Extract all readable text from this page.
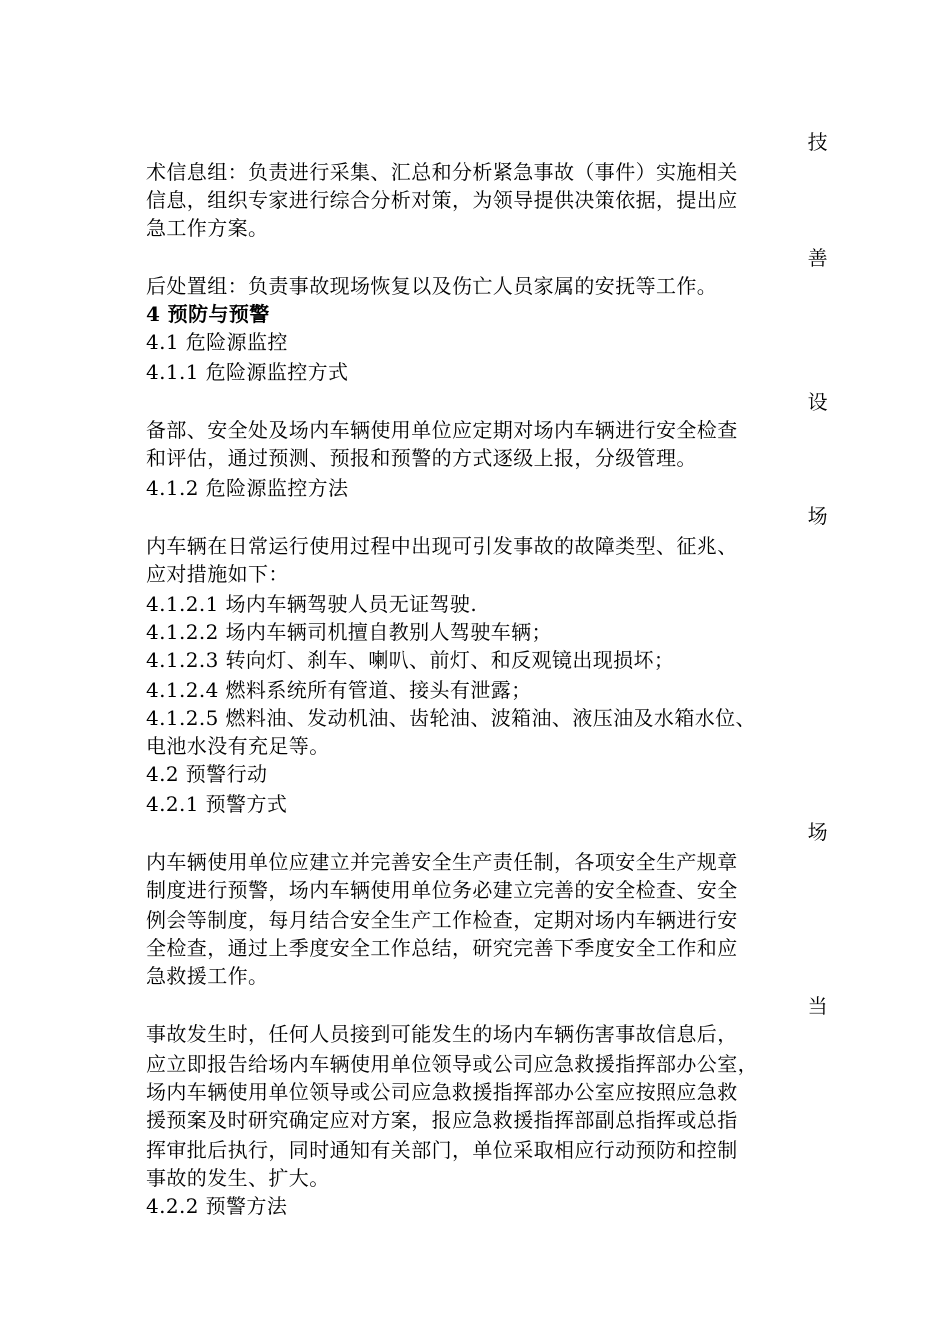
技
术信息组：负责进行采集、汇总和分析紧急事故（事件）实施相关
信息，组织专家进行综合分析对策，为领导提供决策依据，提出应
急工作方案。
善
后处置组：负责事故现场恢复以及伤亡人员家属的安抚等工作。
4 预防与预警
4.1 危险源监控
4.1.1 危险源监控方式
设
备部、安全处及场内车辆使用单位应定期对场内车辆进行安全检查
和评估，通过预测、预报和预警的方式逐级上报，分级管理。
4.1.2 危险源监控方法
场
内车辆在日常运行使用过程中出现可引发事故的故障类型、征兆、
应对措施如下：
4.1.2.1 场内车辆驾驶人员无证驾驶.
4.1.2.2 场内车辆司机擅自教别人驾驶车辆；
4.1.2.3 转向灯、刹车、喇叭、前灯、和反观镜出现损坏；
4.1.2.4 燃料系统所有管道、接头有泄露；
4.1.2.5 燃料油、发动机油、齿轮油、波箱油、液压油及水箱水位、
电池水没有充足等。
4.2 预警行动
4.2.1 预警方式
场
内车辆使用单位应建立并完善安全生产责任制，各项安全生产规章
制度进行预警，场内车辆使用单位务必建立完善的安全检查、安全
例会等制度，每月结合安全生产工作检查，定期对场内车辆进行安
全检查，通过上季度安全工作总结，研究完善下季度安全工作和应
急救援工作。
当
事故发生时，任何人员接到可能发生的场内车辆伤害事故信息后，
应立即报告给场内车辆使用单位领导或公司应急救援指挥部办公室，
场内车辆使用单位领导或公司应急救援指挥部办公室应按照应急救
援预案及时研究确定应对方案，报应急救援指挥部副总指挥或总指
挥审批后执行，同时通知有关部门，单位采取相应行动预防和控制
事故的发生、扩大。
4.2.2 预警方法
